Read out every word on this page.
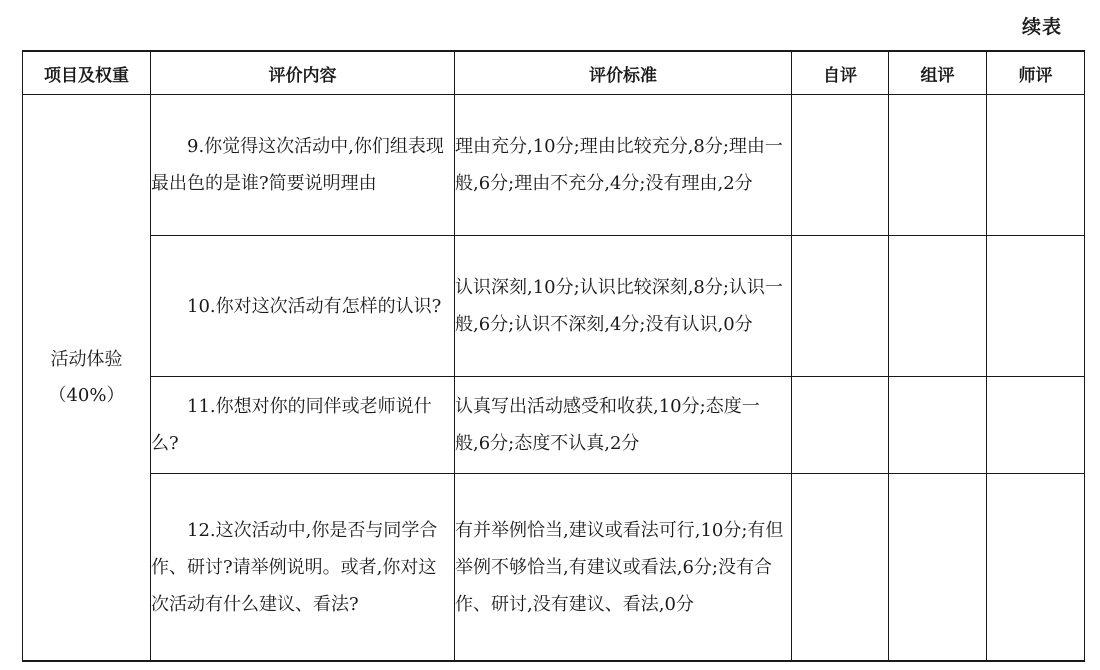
续表
项目及权重	评价内容	评价标准	自评	组评	师评

活动体验
（40%）	9.你觉得这次活动中,你们组表现最出色的是谁?简要说明理由	理由充分,10分;理由比较充分,8分;理由一般,6分;理由不充分,4分;没有理由,2分			
	10.你对这次活动有怎样的认识?	认识深刻,10分;认识比较深刻,8分;认识一般,6分;认识不深刻,4分;没有认识,0分			
	11.你想对你的同伴或老师说什么?	认真写出活动感受和收获,10分;态度一般,6分;态度不认真,2分			
	12.这次活动中,你是否与同学合作、研讨?请举例说明。或者,你对这次活动有什么建议、看法?	有并举例恰当,建议或看法可行,10分;有但举例不够恰当,有建议或看法,6分;没有合作、研讨,没有建议、看法,0分			
